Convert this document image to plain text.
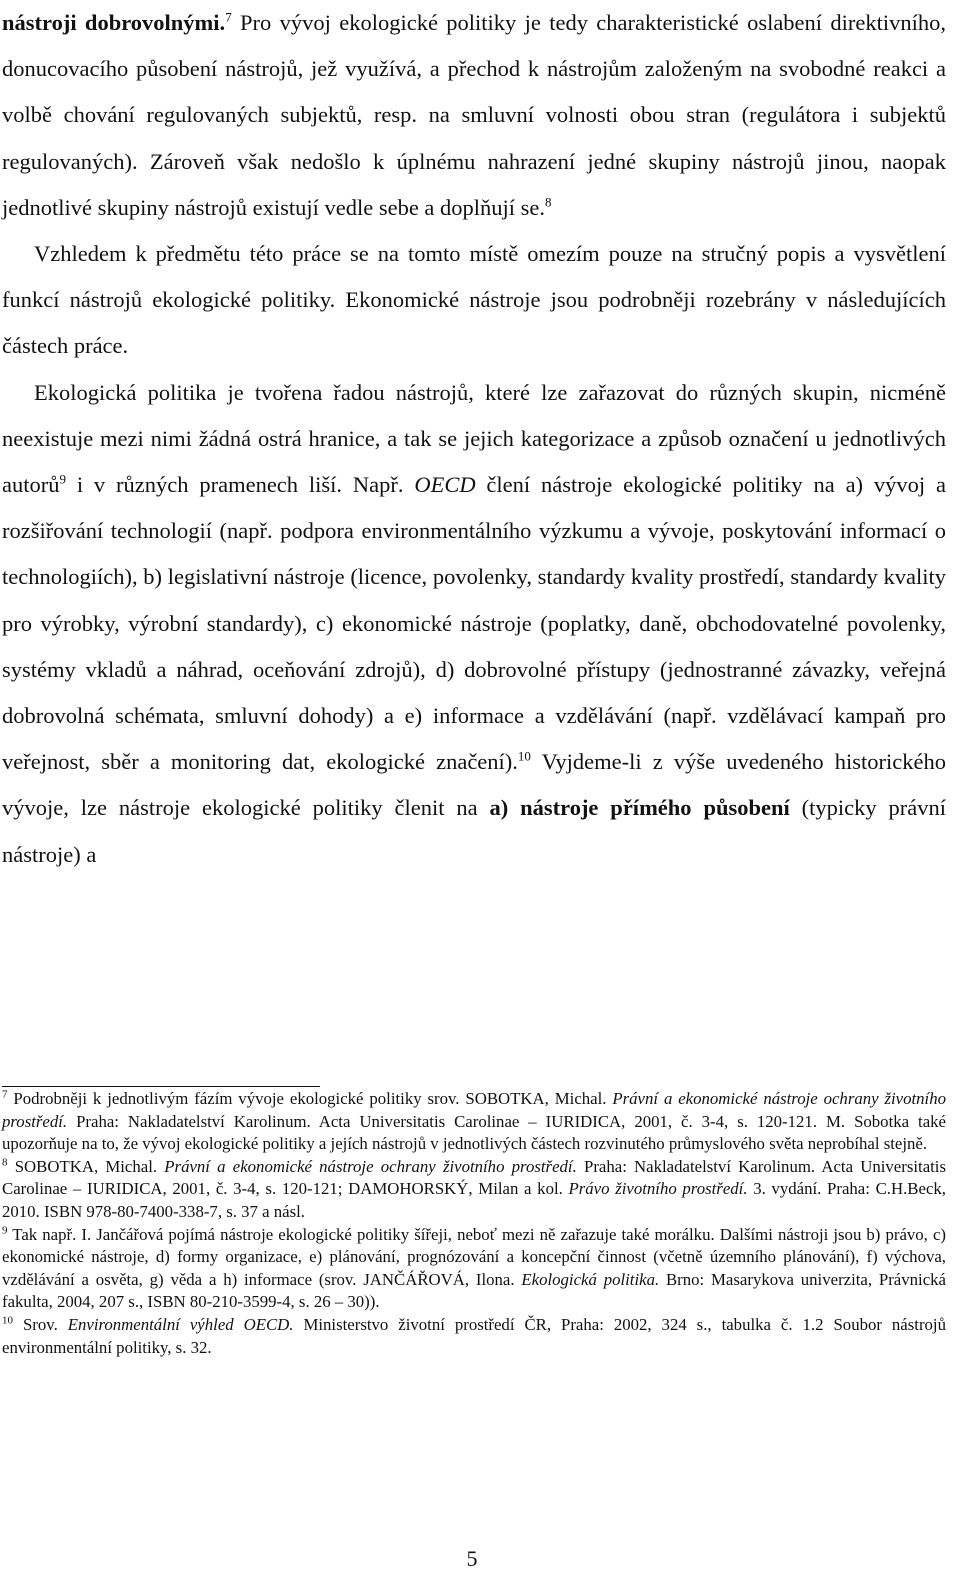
nástroji dobrovolnými.$^7$ Pro vývoj ekologické politiky je tedy charakteristické oslabení direktivního, donucovacího působení nástrojů, jež využívá, a přechod k nástrojům založeným na svobodné reakci a volbě chování regulovaných subjektů, resp. na smluvní volnosti obou stran (regulátora i subjektů regulovaných). Zároveň však nedošlo k úplnému nahrazení jedné skupiny nástrojů jinou, naopak jednotlivé skupiny nástrojů existují vedle sebe a doplňují se.$^8$

Vzhledem k předmětu této práce se na tomto místě omezím pouze na stručný popis a vysvětlení funkcí nástrojů ekologické politiky. Ekonomické nástroje jsou podrobněji rozebrány v následujících částech práce.

Ekologická politika je tvořena řadou nástrojů, které lze zařazovat do různých skupin, nicméně neexistuje mezi nimi žádná ostrá hranice, a tak se jejich kategorizace a způsob označení u jednotlivých autorů$^9$ i v různých pramenech liší. Např. OECD člení nástroje ekologické politiky na a) vývoj a rozšiřování technologií (např. podpora environmentálního výzkumu a vývoje, poskytování informací o technologiích), b) legislativní nástroje (licence, povolenky, standardy kvality prostředí, standardy kvality pro výrobky, výrobní standardy), c) ekonomické nástroje (poplatky, daně, obchodovatelné povolenky, systémy vkladů a náhrad, oceňování zdrojů), d) dobrovolné přístupy (jednostranné závazky, veřejná dobrovolná schémata, smluvní dohody) a e) informace a vzdělávání (např. vzdělávací kampaň pro veřejnost, sběr a monitoring dat, ekologické značení).$^{10}$ Vyjdeme-li z výše uvedeného historického vývoje, lze nástroje ekologické politiky členit na a) nástroje přímého působení (typicky právní nástroje) a

$^7$ Podrobněji k jednotlivým fázím vývoje ekologické politiky srov. SOBOTKA, Michal. Právní a ekonomické nástroje ochrany životního prostředí. Praha: Nakladatelství Karolinum. Acta Universitatis Carolinae – IURIDICA, 2001, č. 3-4, s. 120-121. M. Sobotka také upozorňuje na to, že vývoj ekologické politiky a jejích nástrojů v jednotlivých částech rozvinutého průmyslového světa neprobíhal stejně.

$^8$ SOBOTKA, Michal. Právní a ekonomické nástroje ochrany životního prostředí. Praha: Nakladatelství Karolinum. Acta Universitatis Carolinae – IURIDICA, 2001, č. 3-4, s. 120-121; DAMOHORSKÝ, Milan a kol. Právo životního prostředí. 3. vydání. Praha: C.H.Beck, 2010. ISBN 978-80-7400-338-7, s. 37 a násl.

$^9$ Tak např. I. Jančářová pojímá nástroje ekologické politiky šířeji, neboť mezi ně zařazuje také morálku. Dalšími nástroji jsou b) právo, c) ekonomické nástroje, d) formy organizace, e) plánování, prognózování a koncepční činnost (včetně územního plánování), f) výchova, vzdělávání a osvěta, g) věda a h) informace (srov. JANČÁŘOVÁ, Ilona. Ekologická politika. Brno: Masarykova univerzita, Právnická fakulta, 2004, 207 s., ISBN 80-210-3599-4, s. 26 – 30)).

$^{10}$ Srov. Environmentální výhled OECD. Ministerstvo životní prostředí ČR, Praha: 2002, 324 s., tabulka č. 1.2 Soubor nástrojů environmentální politiky, s. 32.

5
